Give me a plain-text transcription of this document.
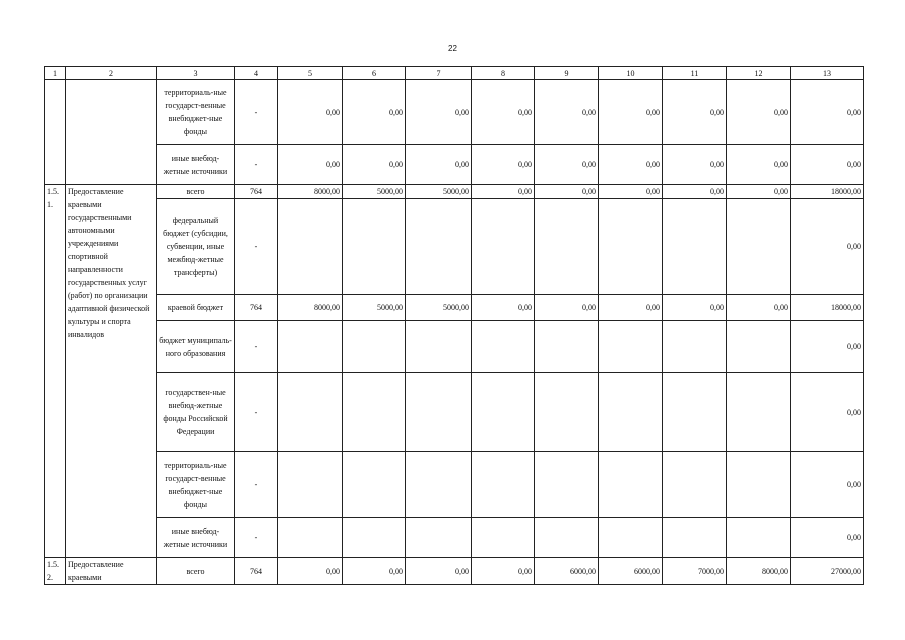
22
1	2	3	4	5	6	7	8	9	10	11	12	13
		территориаль-ные государст-венные внебюджет-ные фонды	-	0,00	0,00	0,00	0,00	0,00	0,00	0,00	0,00	0,00
		иные внебюд-жетные источники	-	0,00	0,00	0,00	0,00	0,00	0,00	0,00	0,00	0,00
1.5. 1.	Предоставление краевыми государственными автономными учреждениями спортивной направленности государственных услуг (работ) по организации адаптивной физической культуры и спорта инвалидов	всего	764	8000,00	5000,00	5000,00	0,00	0,00	0,00	0,00	0,00	18000,00
		федеральный бюджет (субсидии, субвенции, иные межбюд-жетные трансферты)	-									0,00
		краевой бюджет	764	8000,00	5000,00	5000,00	0,00	0,00	0,00	0,00	0,00	18000,00
		бюджет муниципаль-ного образования	-									0,00
		государствен-ные внебюд-жетные фонды Российской Федерации	-									0,00
		территориаль-ные государст-венные внебюджет-ные фонды	-									0,00
		иные внебюд-жетные источники	-									0,00
1.5. 2.	Предоставление краевыми	всего	764	0,00	0,00	0,00	0,00	6000,00	6000,00	7000,00	8000,00	27000,00
